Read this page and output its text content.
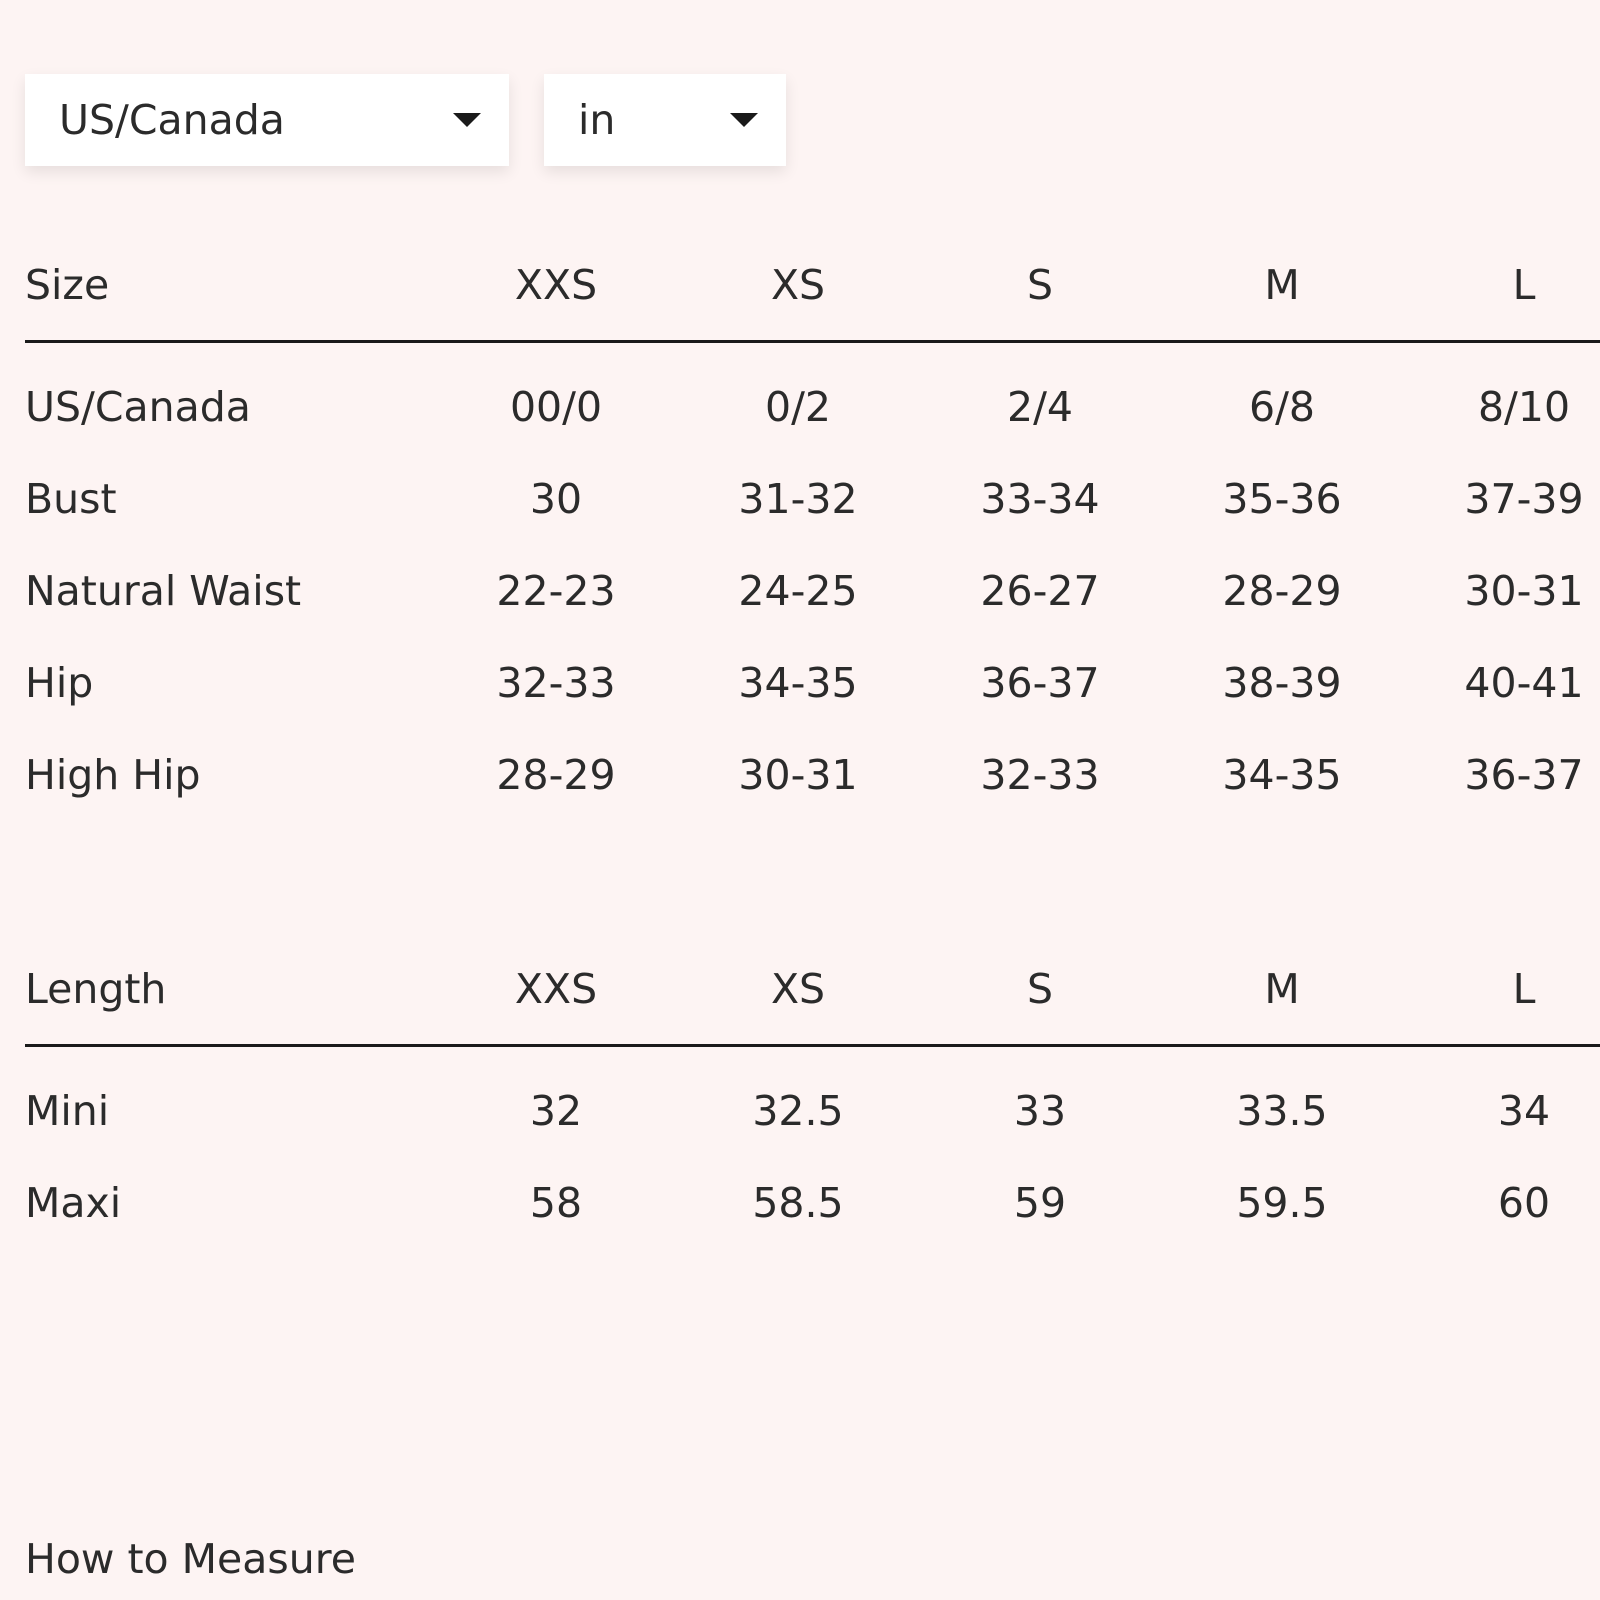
US/Canada	in
Size	XXS	XS	S	M	L
US/Canada	00/0	0/2	2/4	6/8	8/10
Bust	30	31-32	33-34	35-36	37-39
Natural Waist	22-23	24-25	26-27	28-29	30-31
Hip	32-33	34-35	36-37	38-39	40-41
High Hip	28-29	30-31	32-33	34-35	36-37
Length	XXS	XS	S	M	L
Mini	32	32.5	33	33.5	34
Maxi	58	58.5	59	59.5	60
How to Measure
